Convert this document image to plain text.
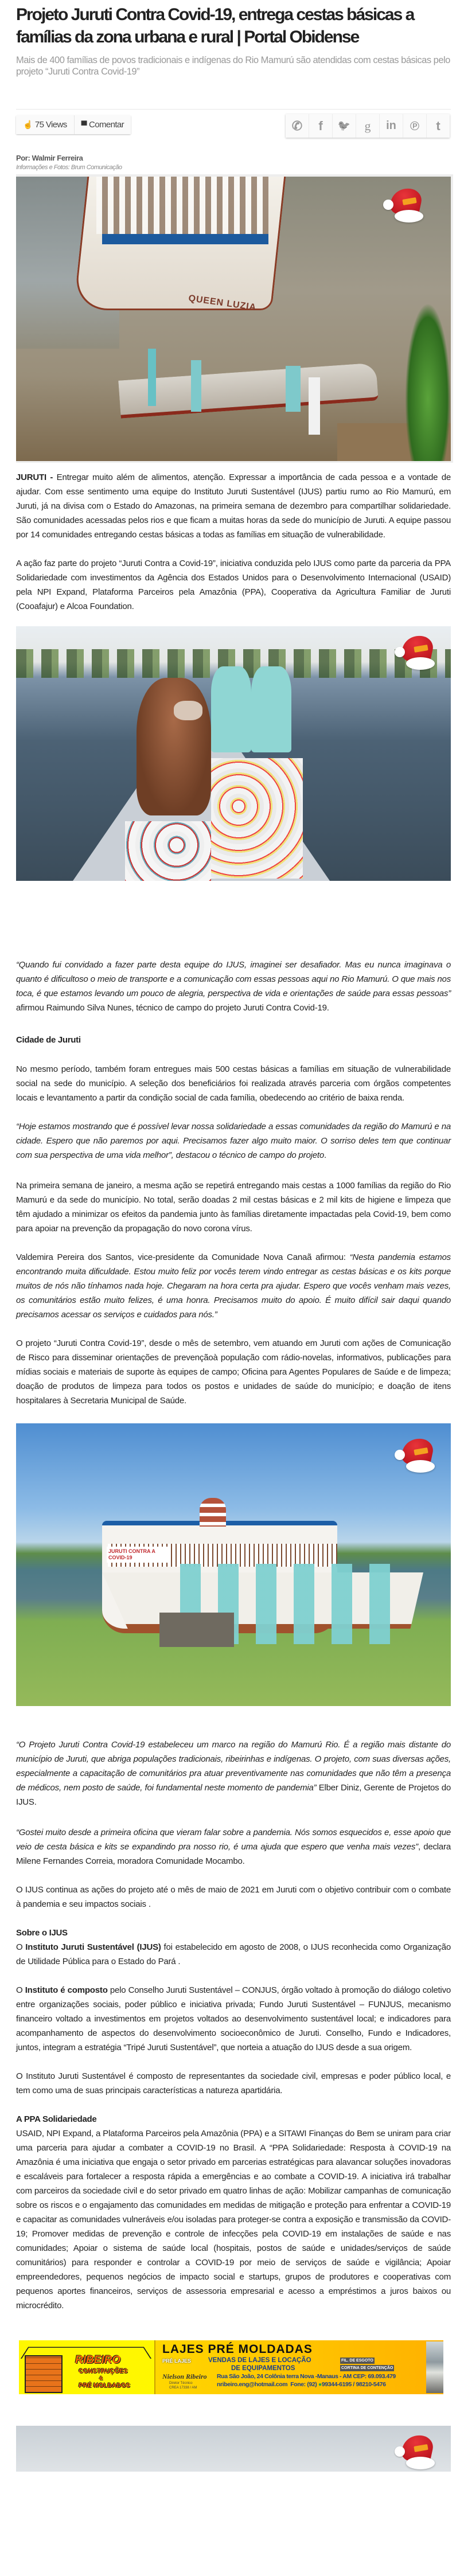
Projeto Juruti Contra Covid-19, entrega cestas básicas a famílias da zona urbana e rural | Portal Obidense
Mais de 400 famílias de povos tradicionais e indígenas do Rio Mamurú são atendidas com cestas básicas pelo projeto “Juruti Contra Covid-19”
☝ 75 Views ▀ Comentar	✆	f	🐦	g	in	℗	t
Por: Walmir Ferreira
Informações e Fotos: Brum Comunicação
QUEEN LUZIA

JURUTI - Entregar muito além de alimentos, atenção. Expressar a importância de cada pessoa e a vontade de ajudar. Com esse sentimento uma equipe do Instituto Juruti Sustentável (IJUS) partiu rumo ao Rio Mamurú, em Juruti, já na divisa com o Estado do Amazonas, na primeira semana de dezembro para compartilhar solidariedade. São comunidades acessadas pelos rios e que ficam a muitas horas da sede do município de Juruti. A equipe passou por 14 comunidades entregando cestas básicas a todas as famílias em situação de vulnerabilidade.

A ação faz parte do projeto “Juruti Contra a Covid-19”, iniciativa conduzida pelo IJUS como parte da parceria da PPA Solidariedade com investimentos da Agência dos Estados Unidos para o Desenvolvimento Internacional (USAID) pela NPI Expand, Plataforma Parceiros pela Amazônia (PPA), Cooperativa da Agricultura Familiar de Juruti (Cooafajur) e Alcoa Foundation.

“Quando fui convidado a fazer parte desta equipe do IJUS, imaginei ser desafiador. Mas eu nunca imaginava o quanto é dificultoso o meio de transporte e a comunicação com essas pessoas aqui no Rio Mamurú. O que mais nos toca, é que estamos levando um pouco de alegria, perspectiva de vida e orientações de saúde para essas pessoas” afirmou Raimundo Silva Nunes, técnico de campo do projeto Juruti Contra Covid-19.

Cidade de Juruti

No mesmo período, também foram entregues mais 500 cestas básicas a famílias em situação de vulnerabilidade social na sede do município. A seleção dos beneficiários foi realizada através parceria com órgãos competentes locais e levantamento a partir da condição social de cada família, obedecendo ao critério de baixa renda.

“Hoje estamos mostrando que é possível levar nossa solidariedade a essas comunidades da região do Mamurú e na cidade. Espero que não paremos por aqui. Precisamos fazer algo muito maior. O sorriso deles tem que continuar com sua perspectiva de uma vida melhor”, destacou o técnico de campo do projeto.

Na primeira semana de janeiro, a mesma ação se repetirá entregando mais cestas a 1000 famílias da região do Rio Mamurú e da sede do município. No total, serão doadas 2 mil cestas básicas e 2 mil kits de higiene e limpeza que têm ajudado a minimizar os efeitos da pandemia junto às famílias diretamente impactadas pela Covid-19, bem como para apoiar na prevenção da propagação do novo corona vírus.

Valdemira Pereira dos Santos, vice-presidente da Comunidade Nova Canaã afirmou: “Nesta pandemia estamos encontrando muita dificuldade. Estou muito feliz por vocês terem vindo entregar as cestas básicas e os kits porque muitos de nós não tínhamos nada hoje. Chegaram na hora certa pra ajudar. Espero que vocês venham mais vezes, os comunitários estão muito felizes, é uma honra. Precisamos muito do apoio. É muito difícil sair daqui quando precisamos acessar os serviços e cuidados para nós.”

O projeto “Juruti Contra Covid-19”, desde o mês de setembro, vem atuando em Juruti com ações de Comunicação de Risco para disseminar orientações de prevençãoà população com rádio-novelas, informativos, publicações para mídias sociais e materiais de suporte às equipes de campo; Oficina para Agentes Populares de Saúde e de limpeza; doação de produtos de limpeza para todos os postos e unidades de saúde do município; e doação de itens hospitalares à Secretaria Municipal de Saúde.

JURUTI CONTRA A COVID-19

“O Projeto Juruti Contra Covid-19 estabeleceu um marco na região do Mamurú Rio. É a região mais distante do município de Juruti, que abriga populações tradicionais, ribeirinhas e indígenas. O projeto, com suas diversas ações, especialmente a capacitação de comunitários pra atuar preventivamente nas comunidades que não têm a presença de médicos, nem posto de saúde, foi fundamental neste momento de pandemia” Elber Diniz, Gerente de Projetos do IJUS.

“Gostei muito desde a primeira oficina que vieram falar sobre a pandemia. Nós somos esquecidos e, esse apoio que veio de cesta básica e kits se expandindo pra nosso rio, é uma ajuda que espero que venha mais vezes”, declara Milene Fernandes Correia, moradora Comunidade Mocambo.

O IJUS continua as ações do projeto até o mês de maio de 2021 em Juruti com o objetivo contribuir com o combate à pandemia e seu impactos sociais .

Sobre o IJUS

O Instituto Juruti Sustentável (IJUS) foi estabelecido em agosto de 2008, o IJUS reconhecida como Organização de Utilidade Pública para o Estado do Pará .

O Instituto é composto pelo Conselho Juruti Sustentável – CONJUS, órgão voltado à promoção do diálogo coletivo entre organizações sociais, poder público e iniciativa privada; Fundo Juruti Sustentável – FUNJUS, mecanismo financeiro voltado a investimentos em projetos voltados ao desenvolvimento sustentável local; e indicadores para acompanhamento de aspectos do desenvolvimento socioeconômico de Juruti. Conselho, Fundo e Indicadores, juntos, integram a estratégia “Tripé Juruti Sustentável”, que norteia a atuação do IJUS desde a sua origem.

O Instituto Juruti Sustentável é composto de representantes da sociedade civil, empresas e poder público local, e tem como uma de suas principais características a natureza apartidária.

A PPA Solidariedade

USAID, NPI Expand, a Plataforma Parceiros pela Amazônia (PPA) e a SITAWI Finanças do Bem se uniram para criar uma parceria para ajudar a combater a COVID-19 no Brasil. A “PPA Solidariedade: Resposta à COVID-19 na Amazônia é uma iniciativa que engaja o setor privado em parcerias estratégicas para alavancar soluções inovadoras e escaláveis para fortalecer a resposta rápida a emergências e ao combate a COVID-19. A iniciativa irá trabalhar com parceiros da sociedade civil e do setor privado em quatro linhas de ação: Mobilizar campanhas de comunicação sobre os riscos e o engajamento das comunidades em medidas de mitigação e proteção para enfrentar a COVID-19 e capacitar as comunidades vulneráveis e/ou isoladas para proteger-se contra a exposição e transmissão da COVID-19; Promover medidas de prevenção e controle de infecções pela COVID-19 em instalações de saúde e nas comunidades; Apoiar o sistema de saúde local (hospitais, postos de saúde e unidades/serviços de saúde comunitários) para responder e controlar a COVID-19 por meio de serviços de saúde e vigilância; Apoiar empreendedores, pequenos negócios de impacto social e startups, grupos de produtores e cooperativas com pequenos aportes financeiros, serviços de assessoria empresarial e acesso a empréstimos a juros baixos ou microcrédito.

RIBEIRO
CONSTRUÇÕES
&
PRÉ MOLDADOS
LAJES PRÉ MOLDADAS
PRÉ LAJES	VENDAS DE LAJES E LOCAÇÃO
DE EQUIPAMENTOS
FIL. DE ESGOTO
CORTINA DE CONTENÇÃO
Nielson Ribeiro
Diretor Técnico
CREA 17338 / AM
Rua São João, 24 Colônia terra Nova -Manaus - AM CEP: 69.093.479
nribeiro.eng@hotmail.com Fone: (92) ●99344-6195 / 98210-5476
